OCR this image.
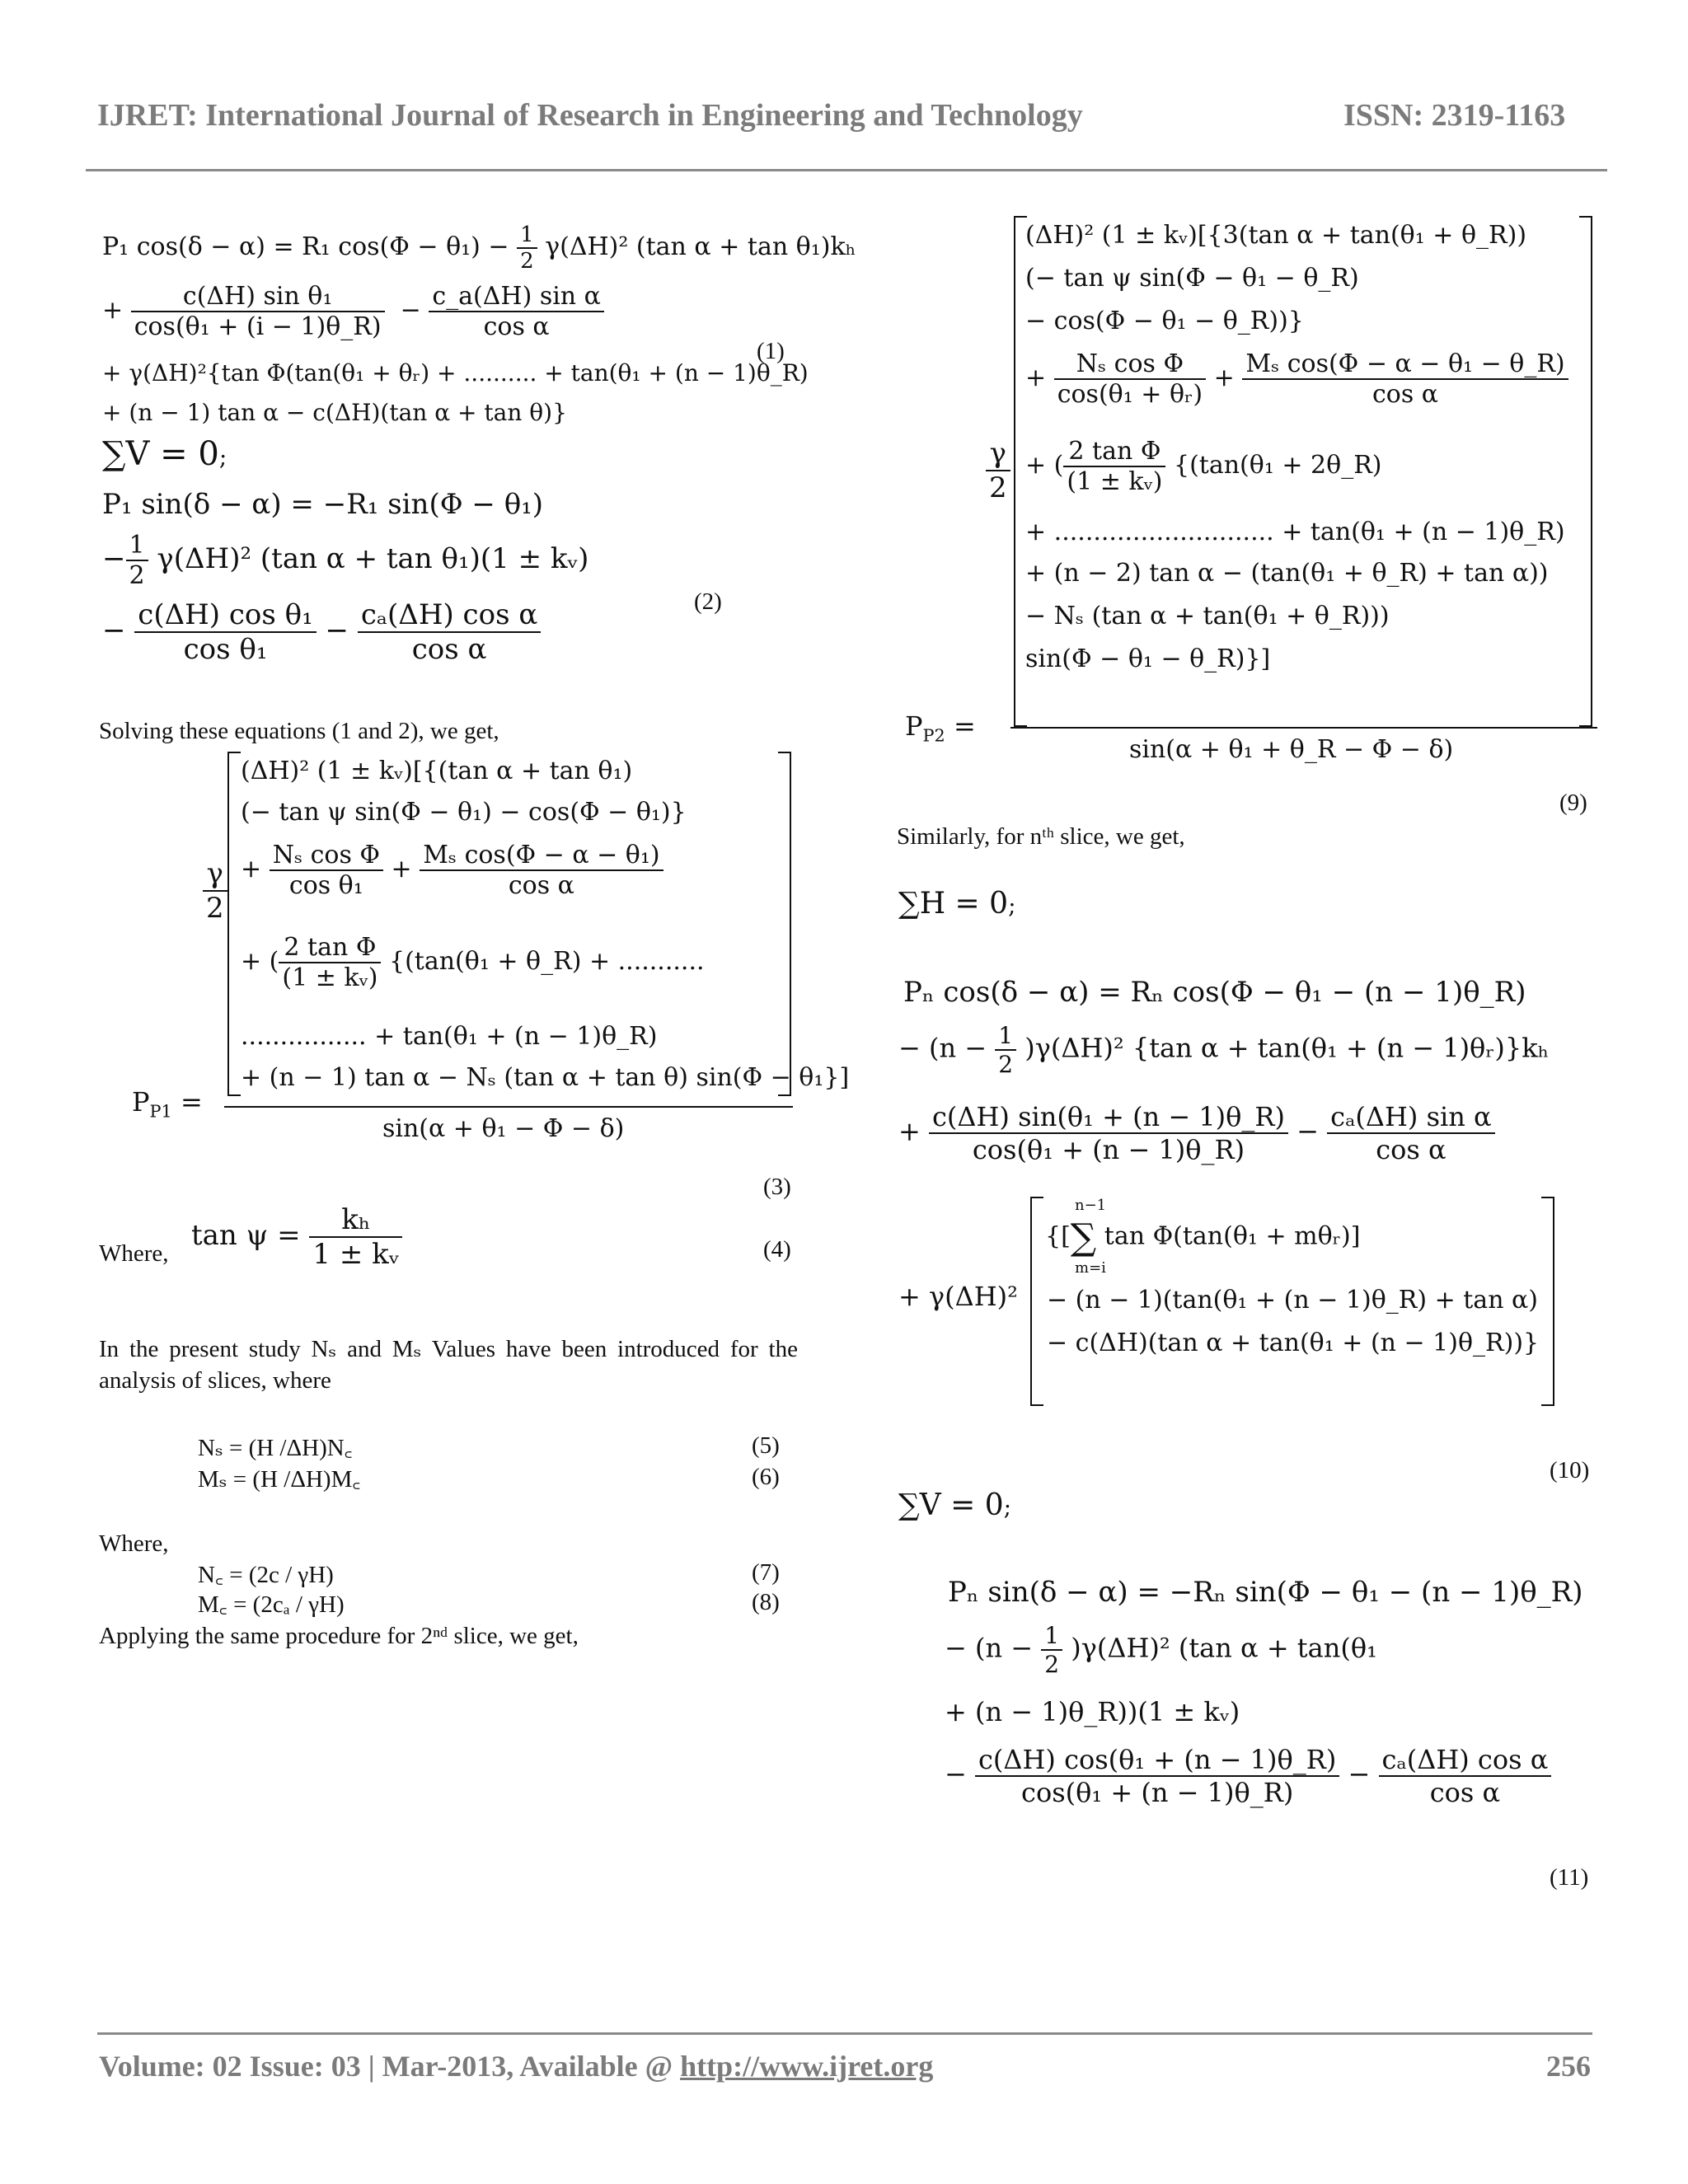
IJRET: International Journal of Research in Engineering and Technology	ISSN: 2319-1163
P₁ cos(δ − α) = R₁ $\cos(\Phi - \theta_1) - \frac{1}{2} \gamma(\Delta H)^2$ (tan α + tan θ₁)kₕ
+ $\frac{\text{c(ΔH) sin θ₁}}{\text{cos(θ₁ + (i − 1)θ\_R)}} - \frac{\text{c\_a(ΔH) sin α}}{\text{cos α}}$
+ γ(ΔH)²{tan Φ(tan(θ₁ + θᵣ) + .......... + tan(θ₁ + (n − 1)θ_R)
+ (n − 1) tan α − c(ΔH)(tan α + tan θ)}
(1)
∑V = 0;
P₁ sin(δ − α) = −R₁ sin(Φ − θ₁)
− $\frac{1}{2} \gamma(\Delta H)^2$ (tan α + tan θ₁)(1 ± kᵥ)
− $\frac{\text{c(ΔH) cos θ₁}}{\text{cos θ₁}} - \frac{\text{cₐ(ΔH) cos α}}{\text{cos α}}$	(2)
Solving these equations (1 and 2), we get,
$\frac{\gamma}{2}$
(ΔH)² (1 ± kᵥ)[{(tan α + tan θ₁)
(− tan ψ sin(Φ − θ₁) − cos(Φ − θ₁)}
+ $\frac{\text{Nₛ cos Φ}}{\text{cos θ₁}} + \frac{\text{Mₛ cos(Φ − α − θ₁)}}{\text{cos α}}$
+ ( $\frac{\text{2 tan Φ}}{\text{(1 ± kᵥ)}} \{(\tan(\theta_1$ + θ_R) + ...........
................ + tan(θ₁ + (n − 1)θ_R)
+ (n − 1) tan α − Nₛ (tan α + tan θ) sin(Φ − θ₁}]
$P_{P1}$ =
sin(α + θ₁ − Φ − δ)
(3)
Where,
$\tan \psi = \frac{\text{kₕ}}{\text{1 ± kᵥ}}$	(4)
In the present study Nₛ and Mₛ Values have been introduced for the analysis of slices, where
Nₛ = (H /ΔH)N꜀	(5)
Mₛ = (H /ΔH)M꜀	(6)
Where,
N꜀ = (2c / γH)	(7)
M꜀ = (2cₐ / γH)	(8)
Applying the same procedure for 2ⁿᵈ slice, we get,
(ΔH)² (1 ± kᵥ)[{3(tan α + tan(θ₁ + θ_R))
(− tan ψ sin(Φ − θ₁ − θ_R)
− cos(Φ − θ₁ − θ_R))}
+ $\frac{\text{Nₛ cos Φ}}{\text{cos(θ₁ + θᵣ)}} + \frac{\text{Mₛ cos(Φ − α − θ₁ − θ\_R)}}{\text{cos α}}$
$\frac{\gamma}{2}$ + ( $\frac{\text{2 tan Φ}}{\text{(1 ± kᵥ)}} \{(\tan(\theta_1$ + 2θ_R)
+ ............................ + tan(θ₁ + (n − 1)θ_R)
+ (n − 2) tan α − (tan(θ₁ + θ_R) + tan α))
− Nₛ (tan α + tan(θ₁ + θ_R)))
sin(Φ − θ₁ − θ_R)}]
$P_{P2}$ =
sin(α + θ₁ + θ_R − Φ − δ)
(9)
Similarly, for nᵗʰ slice, we get,
∑H = 0;
Pₙ cos(δ − α) = Rₙ cos(Φ − θ₁ − (n − 1)θ_R)
− $(n - \frac{1}{2} )\gamma(\Delta H)^2$ {tan α + tan(θ₁ + (n − 1)θᵣ)}kₕ
+ $\frac{\text{c(ΔH) sin(θ₁ + (n − 1)θ\_R)}}{\text{cos(θ₁ + (n − 1)θ\_R)}} - \frac{\text{cₐ(ΔH) sin α}}{\text{cos α}}$
+ γ(ΔH)²
n−1
{[∑ tan Φ(tan(θ₁ + mθᵣ)]
m=i
− (n − 1)(tan(θ₁ + (n − 1)θ_R) + tan α)
− c(ΔH)(tan α + tan(θ₁ + (n − 1)θ_R))}
(10)
∑V = 0;
Pₙ sin(δ − α) = −Rₙ sin(Φ − θ₁ − (n − 1)θ_R)
− $(n - \frac{1}{2} )\gamma(\Delta H)^2$ (tan α + tan(θ₁
+ (n − 1)θ_R))(1 ± kᵥ)
− $\frac{\text{c(ΔH) cos(θ₁ + (n − 1)θ\_R)}}{\text{cos(θ₁ + (n − 1)θ\_R)}} - \frac{\text{cₐ(ΔH) cos α}}{\text{cos α}}$
(11)
Volume: 02 Issue: 03 | Mar-2013, Available @ http://www.ijret.org	256
